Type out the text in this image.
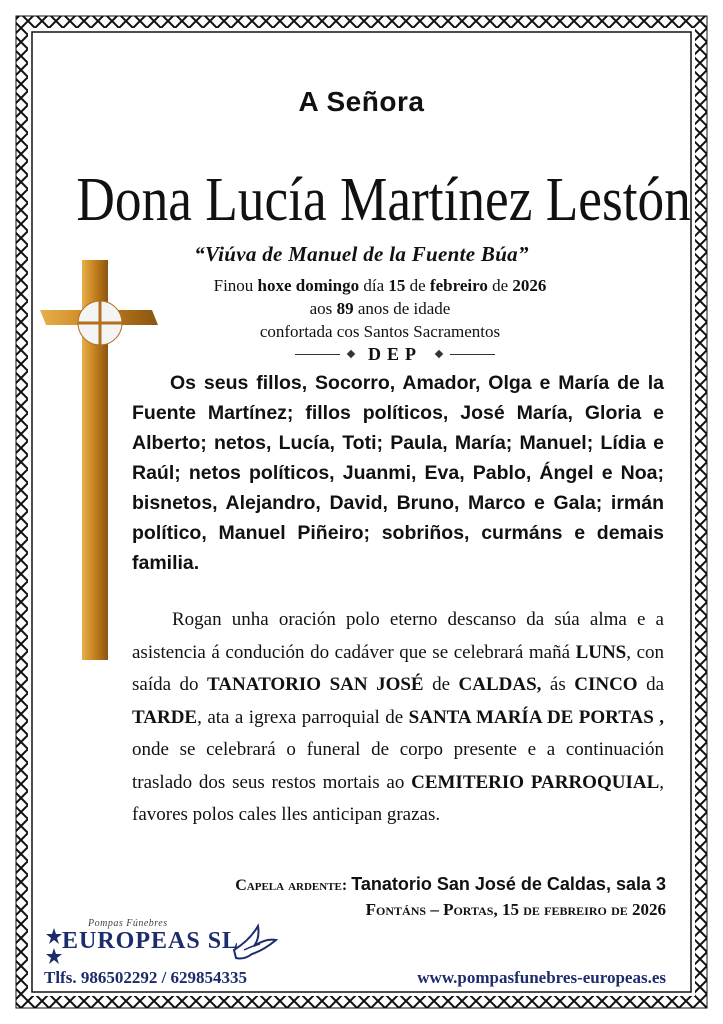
A Señora
Dona Lucía Martínez Lestón
“Viúva de Manuel de la Fuente Búa”
Finou hoxe domingo día 15 de febreiro de 2026
aos 89 anos de idade
confortada cos Santos Sacramentos
DEP
Os seus fillos, Socorro, Amador, Olga e María de la Fuente Martínez; fillos políticos, José María, Gloria e Alberto; netos, Lucía, Toti; Paula, María; Manuel; Lídia e Raúl; netos políticos, Juanmi, Eva, Pablo, Ángel e Noa; bisnetos, Alejandro, David, Bruno, Marco e Gala; irmán político, Manuel Piñeiro; sobriños, curmáns e demais familia.
Rogan unha oración polo eterno descanso da súa alma e a asistencia á condución do cadáver que se celebrará mañá LUNS, con saída do TANATORIO SAN JOSÉ de CALDAS, ás CINCO da TARDE, ata a igrexa parroquial de SANTA MARÍA DE PORTAS , onde se celebrará o funeral de corpo presente e a continuación traslado dos seus restos mortais ao CEMITERIO PARROQUIAL, favores polos cales lles anticipan grazas.
Capela ardente: Tanatorio San José de Caldas, sala 3
Fontáns – Portas, 15 de febreiro de 2026
Pompas Fúnebres
EUROPEAS SL
Tlfs. 986502292 / 629854335	www.pompasfunebres-europeas.es
